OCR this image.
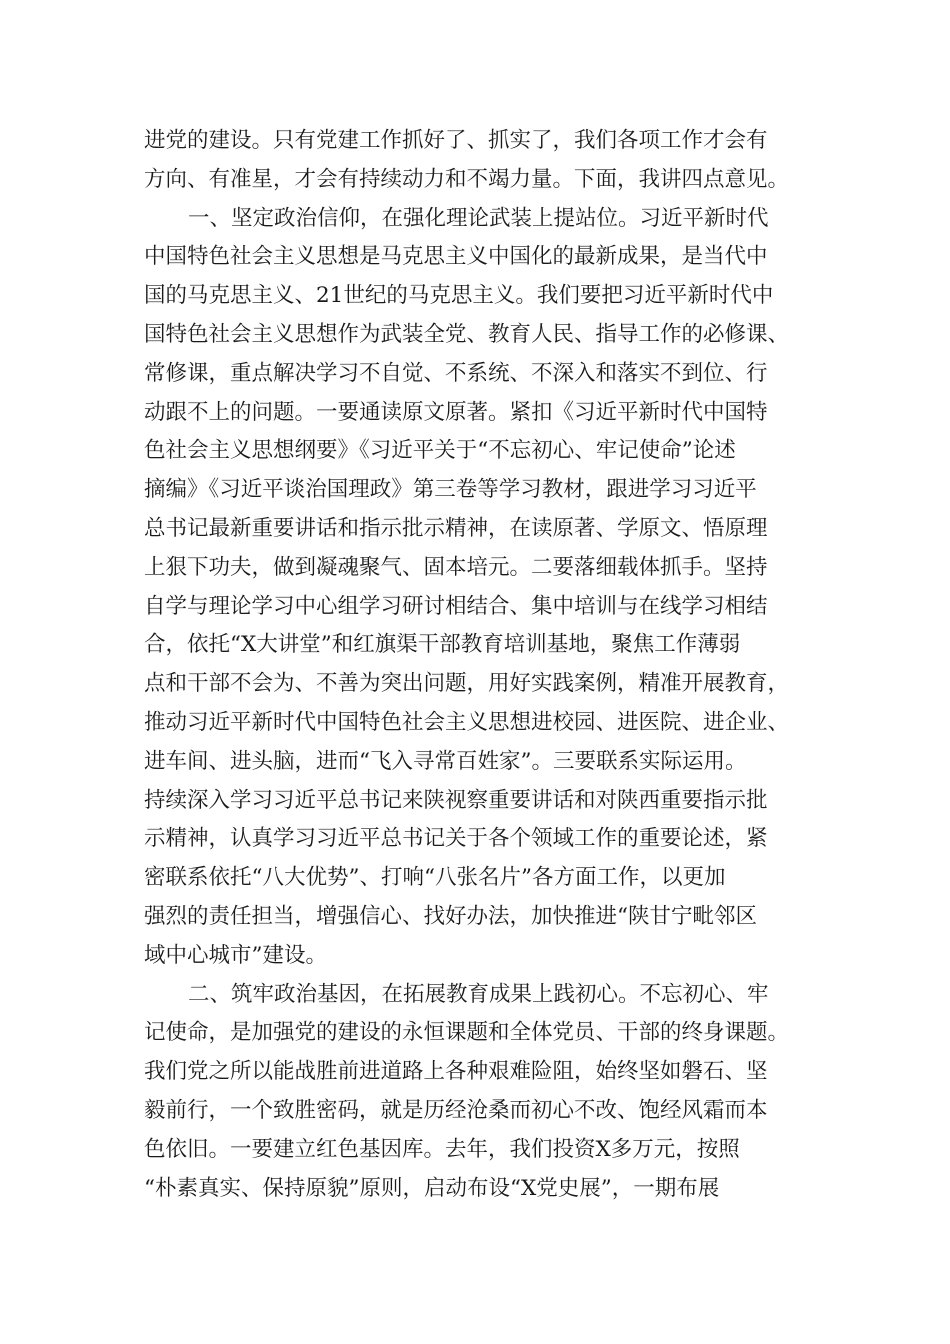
进党的建设。只有党建工作抓好了、抓实了，我们各项工作才会有
方向、有准星，才会有持续动力和不竭力量。下面，我讲四点意见。
一、坚定政治信仰，在强化理论武装上提站位。习近平新时代
中国特色社会主义思想是马克思主义中国化的最新成果，是当代中
国的马克思主义、21世纪的马克思主义。我们要把习近平新时代中
国特色社会主义思想作为武装全党、教育人民、指导工作的必修课、
常修课，重点解决学习不自觉、不系统、不深入和落实不到位、行
动跟不上的问题。一要通读原文原著。紧扣《习近平新时代中国特
色社会主义思想纲要》《习近平关于“不忘初心、牢记使命”论述
摘编》《习近平谈治国理政》第三卷等学习教材，跟进学习习近平
总书记最新重要讲话和指示批示精神，在读原著、学原文、悟原理
上狠下功夫，做到凝魂聚气、固本培元。二要落细载体抓手。坚持
自学与理论学习中心组学习研讨相结合、集中培训与在线学习相结
合，依托“X大讲堂”和红旗渠干部教育培训基地，聚焦工作薄弱
点和干部不会为、不善为突出问题，用好实践案例，精准开展教育，
推动习近平新时代中国特色社会主义思想进校园、进医院、进企业、
进车间、进头脑，进而“飞入寻常百姓家”。三要联系实际运用。
持续深入学习习近平总书记来陕视察重要讲话和对陕西重要指示批
示精神，认真学习习近平总书记关于各个领域工作的重要论述，紧
密联系依托“八大优势”、打响“八张名片”各方面工作，以更加
强烈的责任担当，增强信心、找好办法，加快推进“陕甘宁毗邻区
域中心城市”建设。
二、筑牢政治基因，在拓展教育成果上践初心。不忘初心、牢
记使命，是加强党的建设的永恒课题和全体党员、干部的终身课题。
我们党之所以能战胜前进道路上各种艰难险阻，始终坚如磐石、坚
毅前行，一个致胜密码，就是历经沧桑而初心不改、饱经风霜而本
色依旧。一要建立红色基因库。去年，我们投资X多万元，按照
“朴素真实、保持原貌”原则，启动布设“X党史展”，一期布展
